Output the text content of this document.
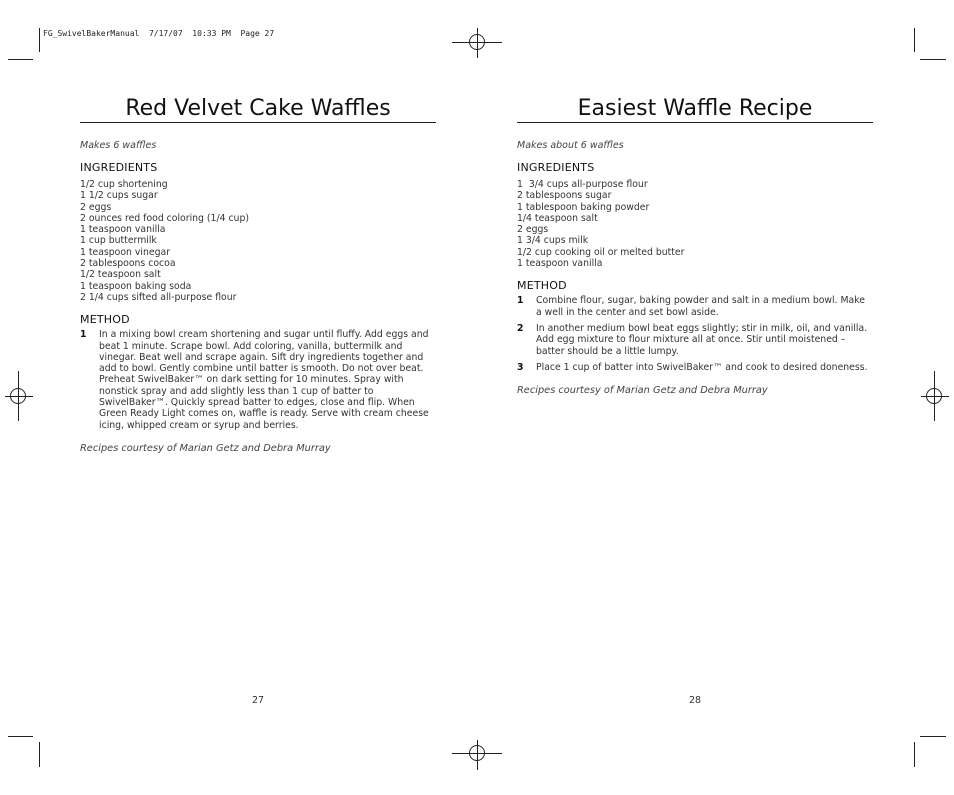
FG_SwivelBakerManual  7/17/07  10:33 PM  Page 27
Red Velvet Cake Waffles
Makes 6 waffles
INGREDIENTS
1/2 cup shortening
1 1/2 cups sugar
2 eggs
2 ounces red food coloring (1/4 cup)
1 teaspoon vanilla
1 cup buttermilk
1 teaspoon vinegar
2 tablespoons cocoa
1/2 teaspoon salt
1 teaspoon baking soda
2 1/4 cups sifted all-purpose flour
METHOD
1 In a mixing bowl cream shortening and sugar until fluffy. Add eggs and beat 1 minute. Scrape bowl. Add coloring, vanilla, buttermilk and vinegar. Beat well and scrape again. Sift dry ingredients together and add to bowl. Gently combine until batter is smooth. Do not over beat. Preheat SwivelBaker™ on dark setting for 10 minutes. Spray with nonstick spray and add slightly less than 1 cup of batter to SwivelBaker™. Quickly spread batter to edges, close and flip. When Green Ready Light comes on, waffle is ready. Serve with cream cheese icing, whipped cream or syrup and berries.
Recipes courtesy of Marian Getz and Debra Murray
27
Easiest Waffle Recipe
Makes about 6 waffles
INGREDIENTS
1  3/4 cups all-purpose flour
2 tablespoons sugar
1 tablespoon baking powder
1/4 teaspoon salt
2 eggs
1 3/4 cups milk
1/2 cup cooking oil or melted butter
1 teaspoon vanilla
METHOD
1 Combine flour, sugar, baking powder and salt in a medium bowl. Make a well in the center and set bowl aside.
2 In another medium bowl beat eggs slightly; stir in milk, oil, and vanilla. Add egg mixture to flour mixture all at once. Stir until moistened – batter should be a little lumpy.
3 Place 1 cup of batter into SwivelBaker™ and cook to desired doneness.
Recipes courtesy of Marian Getz and Debra Murray
28
